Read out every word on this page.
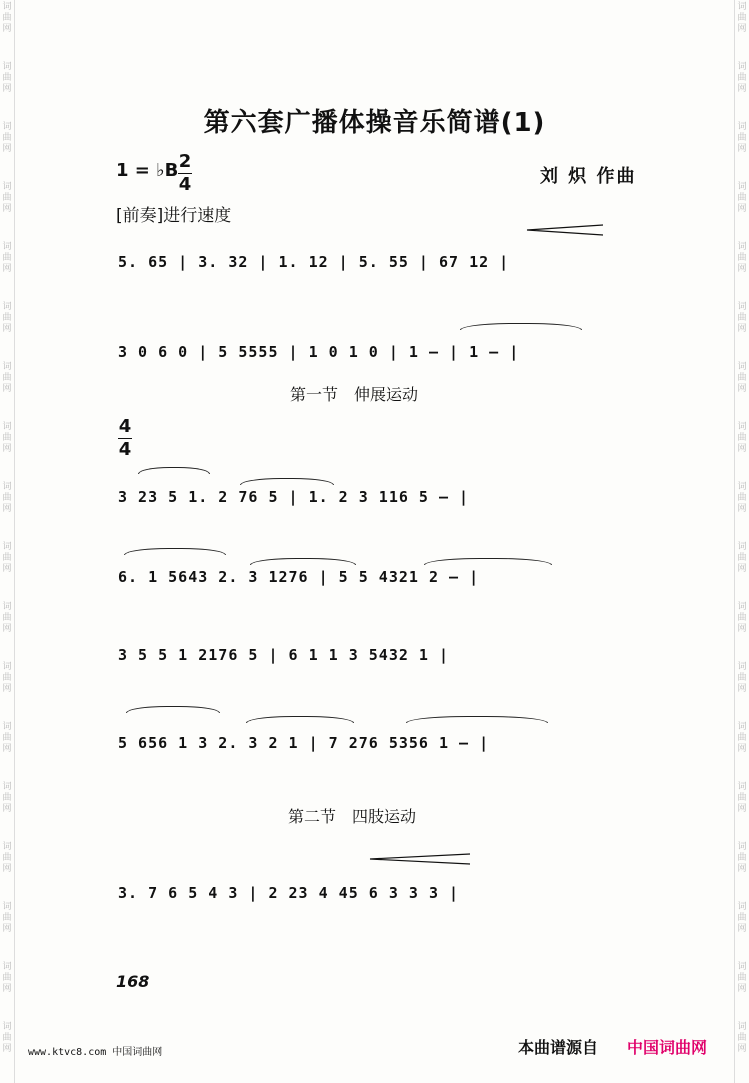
词曲网
词曲网
词曲网
词曲网
词曲网
词曲网
词曲网
词曲网
词曲网
词曲网
词曲网
词曲网
词曲网
词曲网
词曲网
词曲网
词曲网
词曲网
词曲网
词曲网
词曲网
词曲网
词曲网
词曲网
词曲网
词曲网
词曲网
词曲网
词曲网
词曲网
词曲网
词曲网
词曲网
词曲网
词曲网
词曲网
第六套广播体操音乐简谱(1)
1 = ♭B 2
4	刘 炽 作曲
[前奏]进行速度
5. 65 | 3. 32 | 1. 12 | 5. 55 | 67 12 |
3 0 6 0 | 5 5555 | 1 0 1 0 | 1 — | 1 — |
第一节　伸展运动
4
4
3 23 5 1. 2 76 5 | 1. 2 3 116 5 — |
6. 1 5643 2. 3 1276 | 5 5 4321 2 — |
3 5 5 1 2176 5 | 6 1 1 3 5432 1 |
5 656 1 3 2. 3 2 1 | 7 276 5356 1 — |
第二节　四肢运动
3. 7 6 5 4 3 | 2 23 4 45 6 3 3 3 |
168
www.ktvc8.com 中国词曲网	本曲谱源自 中国词曲网
